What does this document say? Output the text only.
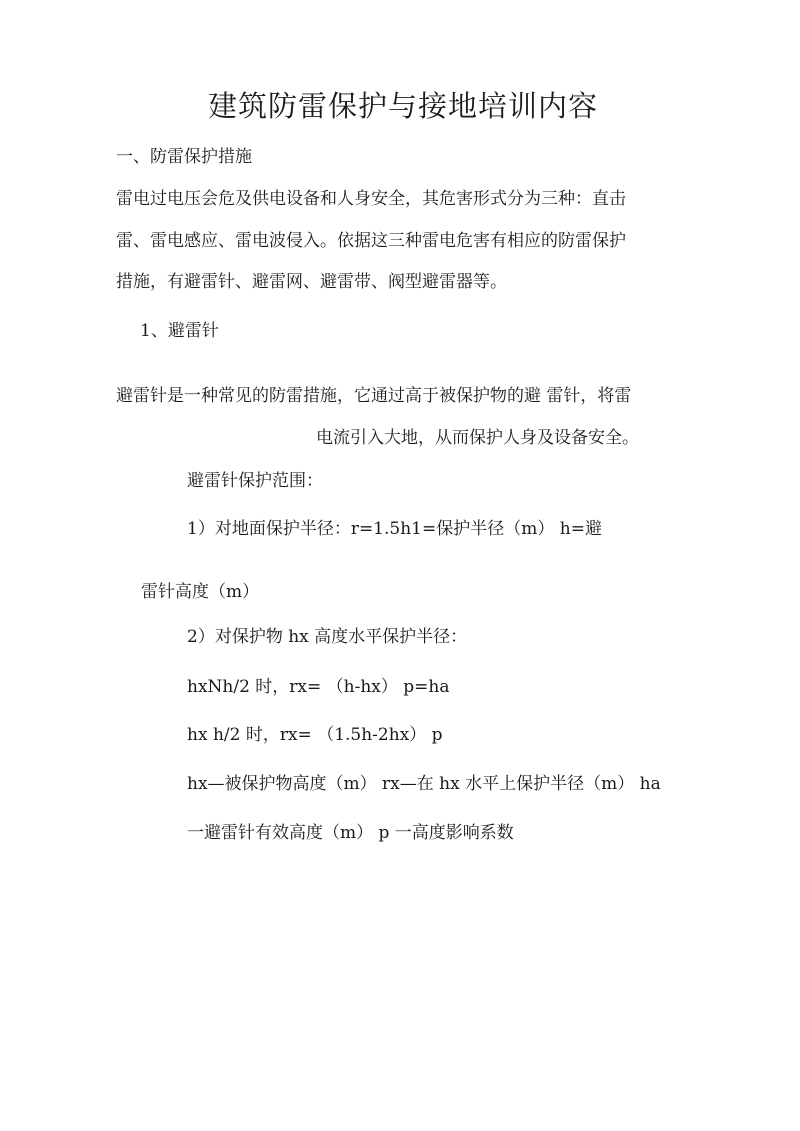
建筑防雷保护与接地培训内容
一、防雷保护措施
雷电过电压会危及供电设备和人身安全，其危害形式分为三种：直击
雷、雷电感应、雷电波侵入。依据这三种雷电危害有相应的防雷保护
措施，有避雷针、避雷网、避雷带、阀型避雷器等。
1、避雷针
避雷针是一种常见的防雷措施，它通过高于被保护物的避 雷针，将雷
电流引入大地，从而保护人身及设备安全。
避雷针保护范围：
1）对地面保护半径：r=1.5h1=保护半径（m） h=避
雷针高度（m）
2）对保护物 hx 高度水平保护半径：
hxNh/2 时，rx= （h-hx） p=ha
hx h/2 时，rx= （1.5h-2hx） p
hx—被保护物高度（m） rx—在 hx 水平上保护半径（m） ha
一避雷针有效高度（m） p 一高度影响系数
